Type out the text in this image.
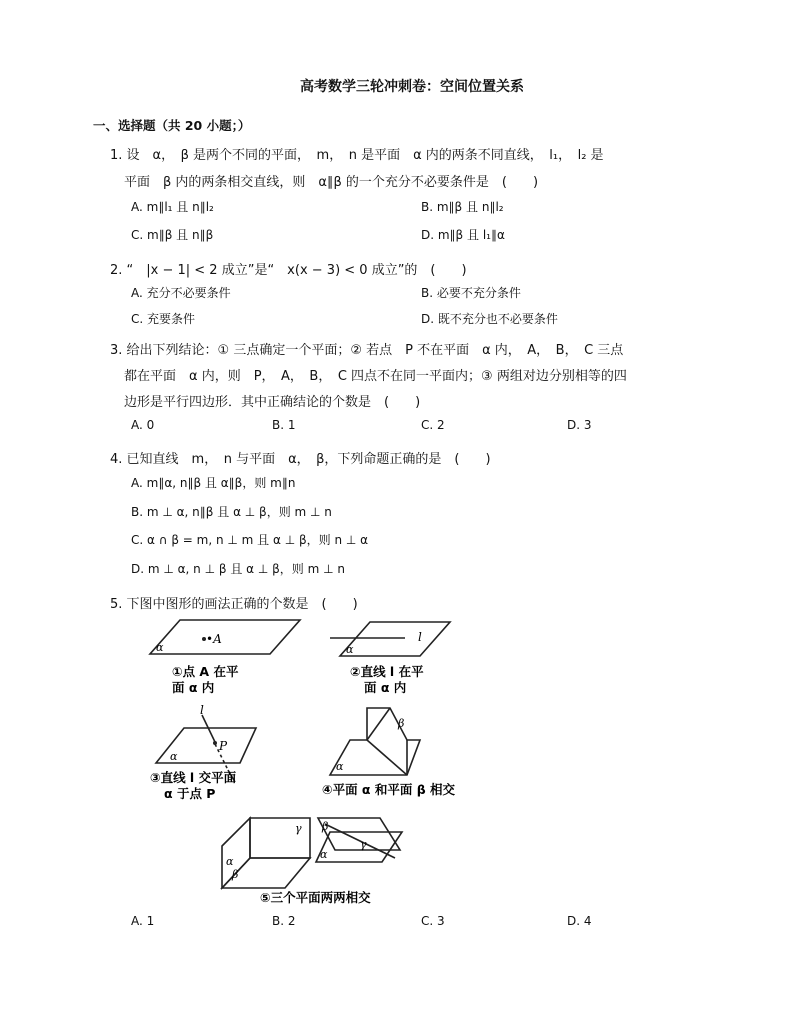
高考数学三轮冲刺卷：空间位置关系
一、选择题（共 20 小题；）
1. 设　α，　β 是两个不同的平面，　m，　n 是平面　α 内的两条不同直线，　l₁，　l₂ 是
平面　β 内的两条相交直线，则　α∥β 的一个充分不必要条件是　(　　)
A. m∥l₁ 且 n∥l₂	B. m∥β 且 n∥l₂
C. m∥β 且 n∥β	D. m∥β 且 l₁∥α
2. “　|x − 1| < 2 成立”是“　x(x − 3) < 0 成立”的　(　　)
A. 充分不必要条件	B. 必要不充分条件
C. 充要条件	D. 既不充分也不必要条件
3. 给出下列结论：① 三点确定一个平面；② 若点　P 不在平面　α 内，　A，　B，　C 三点
都在平面　α 内，则　P，　A，　B，　C 四点不在同一平面内；③ 两组对边分别相等的四
边形是平行四边形．其中正确结论的个数是　(　　)
A. 0	B. 1	C. 2	D. 3
4. 已知直线　m，　n 与平面　α，　β，下列命题正确的是　(　　)
A. m∥α, n∥β 且 α∥β，则 m∥n
B. m ⊥ α, n∥β 且 α ⊥ β，则 m ⊥ n
C. α ∩ β = m, n ⊥ m 且 α ⊥ β，则 n ⊥ α
D. m ⊥ α, n ⊥ β 且 α ⊥ β，则 m ⊥ n
5. 下图中图形的画法正确的个数是　(　　)
•A
α
①点 A 在平
面 α 内
l
α
②直线 l 在平
面 α 内
l
P
α
③直线 l 交平面
α 于点 P
β
α
④平面 α 和平面 β 相交
γ
α
β
β
γ
α
⑤三个平面两两相交
A. 1	B. 2	C. 3	D. 4
